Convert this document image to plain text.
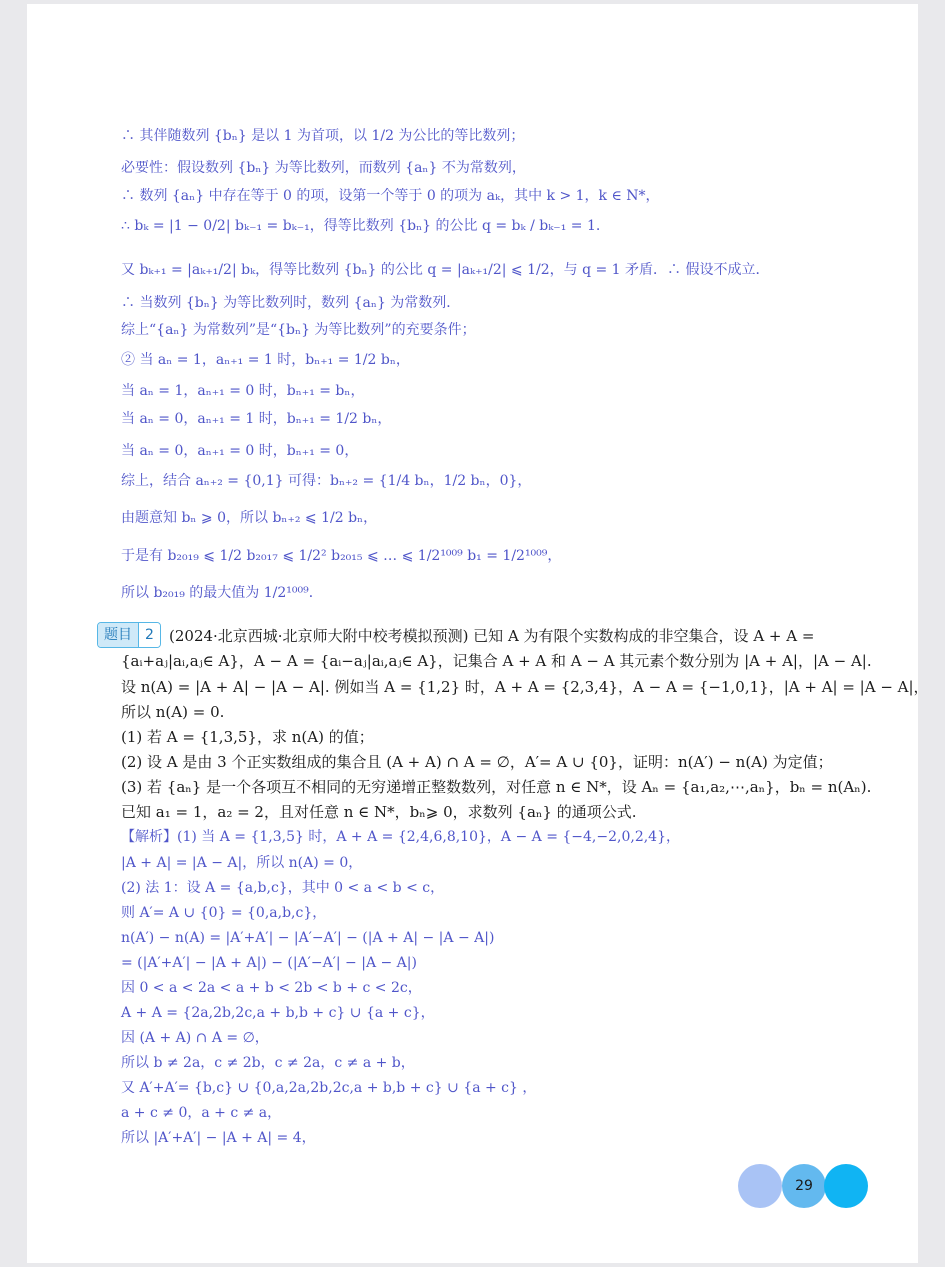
∴ 其伴随数列 {bₙ} 是以 1 为首项，以 1/2 为公比的等比数列；
必要性：假设数列 {bₙ} 为等比数列，而数列 {aₙ} 不为常数列，
∴ 数列 {aₙ} 中存在等于 0 的项，设第一个等于 0 的项为 aₖ，其中 k > 1，k ∈ N*，
∴ bₖ = |1 − 0/2| bₖ₋₁ = bₖ₋₁，得等比数列 {bₙ} 的公比 q = bₖ / bₖ₋₁ = 1.
又 bₖ₊₁ = |aₖ₊₁/2| bₖ，得等比数列 {bₙ} 的公比 q = |aₖ₊₁/2| ⩽ 1/2，与 q = 1 矛盾．∴ 假设不成立．
∴ 当数列 {bₙ} 为等比数列时，数列 {aₙ} 为常数列．
综上“{aₙ} 为常数列”是“{bₙ} 为等比数列”的充要条件；
② 当 aₙ = 1，aₙ₊₁ = 1 时，bₙ₊₁ = 1/2 bₙ，
当 aₙ = 1，aₙ₊₁ = 0 时，bₙ₊₁ = bₙ，
当 aₙ = 0，aₙ₊₁ = 1 时，bₙ₊₁ = 1/2 bₙ，
当 aₙ = 0，aₙ₊₁ = 0 时，bₙ₊₁ = 0，
综上，结合 aₙ₊₂ = {0,1} 可得：bₙ₊₂ = {1/4 bₙ，1/2 bₙ，0}，
由题意知 bₙ ⩾ 0，所以 bₙ₊₂ ⩽ 1/2 bₙ，
于是有 b₂₀₁₉ ⩽ 1/2 b₂₀₁₇ ⩽ 1/2² b₂₀₁₅ ⩽ … ⩽ 1/2¹⁰⁰⁹ b₁ = 1/2¹⁰⁰⁹，
所以 b₂₀₁₉ 的最大值为 1/2¹⁰⁰⁹．
题目 2	(2024·北京西城·北京师大附中校考模拟预测) 已知 A 为有限个实数构成的非空集合，设 A + A =
{aᵢ+aⱼ|aᵢ,aⱼ∈ A}，A − A = {aᵢ−aⱼ|aᵢ,aⱼ∈ A}，记集合 A + A 和 A − A 其元素个数分别为 |A + A|，|A − A|.
设 n(A) = |A + A| − |A − A|. 例如当 A = {1,2} 时，A + A = {2,3,4}，A − A = {−1,0,1}，|A + A| = |A − A|，
所以 n(A) = 0.
(1) 若 A = {1,3,5}，求 n(A) 的值；
(2) 设 A 是由 3 个正实数组成的集合且 (A + A) ∩ A = ∅，A′= A ∪ {0}，证明：n(A′) − n(A) 为定值；
(3) 若 {aₙ} 是一个各项互不相同的无穷递增正整数数列，对任意 n ∈ N*，设 Aₙ = {a₁,a₂,⋯,aₙ}，bₙ = n(Aₙ).
已知 a₁ = 1，a₂ = 2，且对任意 n ∈ N*，bₙ⩾ 0，求数列 {aₙ} 的通项公式.
【解析】(1) 当 A = {1,3,5} 时，A + A = {2,4,6,8,10}，A − A = {−4,−2,0,2,4}，
|A + A| = |A − A|，所以 n(A) = 0，
(2) 法 1：设 A = {a,b,c}，其中 0 < a < b < c，
则 A′= A ∪ {0} = {0,a,b,c}，
n(A′) − n(A) = |A′+A′| − |A′−A′| − (|A + A| − |A − A|)
= (|A′+A′| − |A + A|) − (|A′−A′| − |A − A|)
因 0 < a < 2a < a + b < 2b < b + c < 2c，
A + A = {2a,2b,2c,a + b,b + c} ∪ {a + c}，
因 (A + A) ∩ A = ∅，
所以 b ≠ 2a，c ≠ 2b，c ≠ 2a，c ≠ a + b，
又 A′+A′= {b,c} ∪ {0,a,2a,2b,2c,a + b,b + c} ∪ {a + c} ，
a + c ≠ 0，a + c ≠ a，
所以 |A′+A′| − |A + A| = 4，
29
